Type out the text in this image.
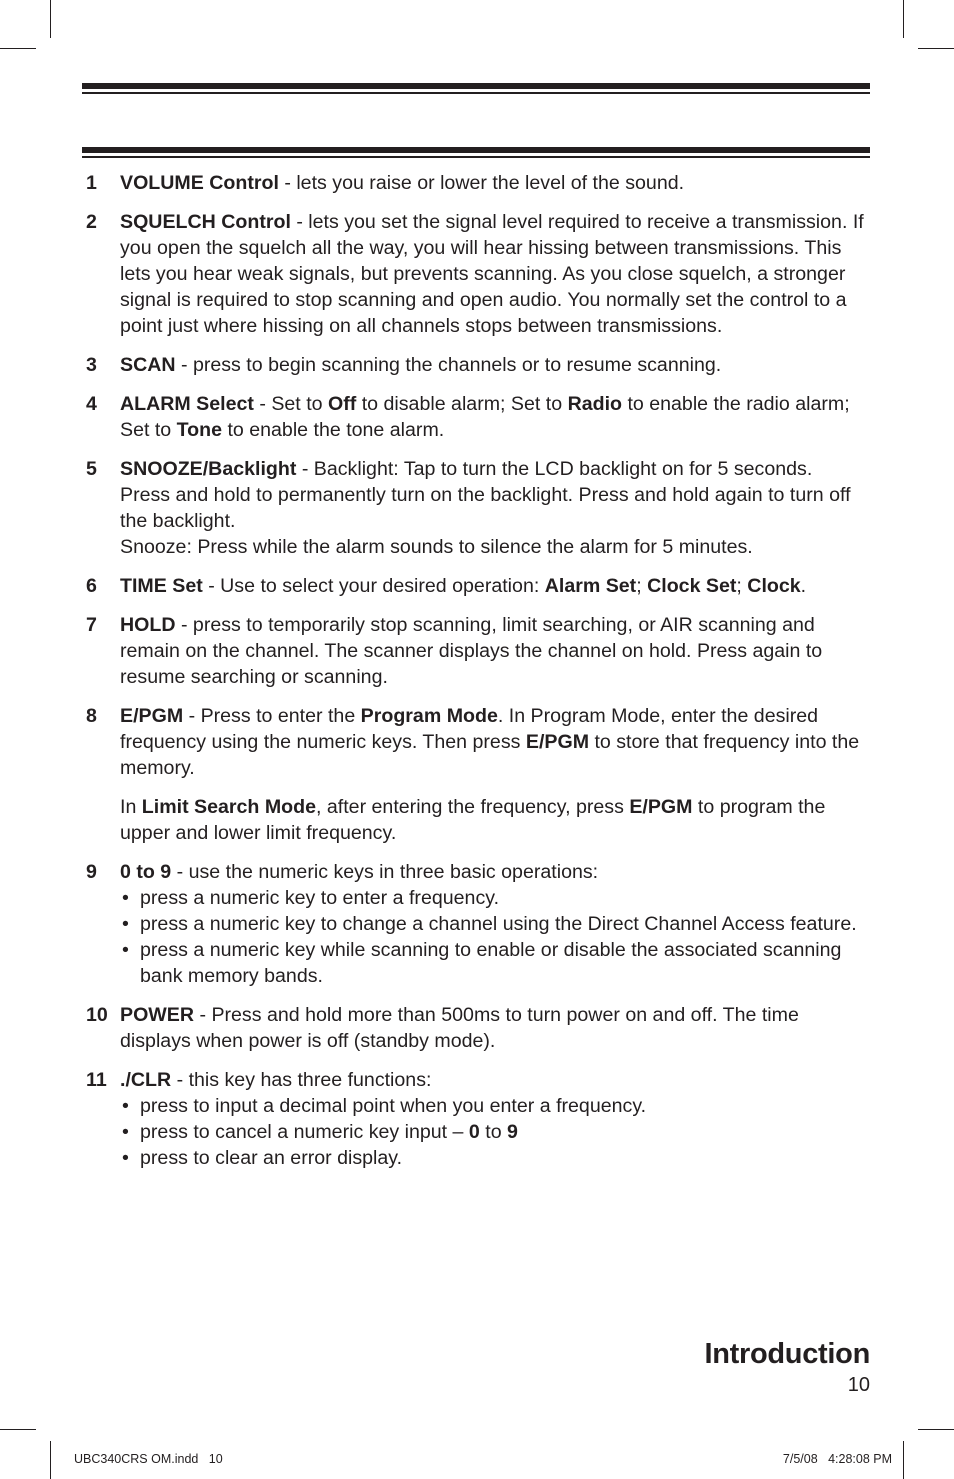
1	VOLUME Control - lets you raise or lower the level of the sound.

2	SQUELCH Control - lets you set the signal level required to receive a transmission. If you open the squelch all the way, you will hear hissing between transmissions. This lets you hear weak signals, but prevents scanning. As you close squelch, a stronger signal is required to stop scanning and open audio. You normally set the control to a point just where hissing on all channels stops between transmissions.

3	SCAN - press to begin scanning the channels or to resume scanning.

4	ALARM Select - Set to Off to disable alarm; Set to Radio to enable the radio alarm; Set to Tone to enable the tone alarm.

5	SNOOZE/Backlight - Backlight: Tap to turn the LCD backlight on for 5 seconds. Press and hold to permanently turn on the backlight. Press and hold again to turn off the backlight.

Snooze: Press while the alarm sounds to silence the alarm for 5 minutes.

6	TIME Set - Use to select your desired operation: Alarm Set; Clock Set; Clock.

7	HOLD - press to temporarily stop scanning, limit searching, or AIR scanning and remain on the channel. The scanner displays the channel on hold. Press again to resume searching or scanning.

8	E/PGM - Press to enter the Program Mode. In Program Mode, enter the desired frequency using the numeric keys. Then press E/PGM to store that frequency into the memory.

In Limit Search Mode, after entering the frequency, press E/PGM to program the upper and lower limit frequency.

9	0 to 9 - use the numeric keys in three basic operations:

• press a numeric key to enter a frequency.
• press a numeric key to change a channel using the Direct Channel Access feature.
• press a numeric key while scanning to enable or disable the associated scanning bank memory bands.
10 POWER - Press and hold more than 500ms to turn power on and off. The time displays when power is off (standby mode).

11 ./CLR - this key has three functions:

• press to input a decimal point when you enter a frequency.
• press to cancel a numeric key input – 0 to 9
• press to clear an error display.
Introduction
10
UBC340CRS OM.indd   10	7/5/08   4:28:08 PM
